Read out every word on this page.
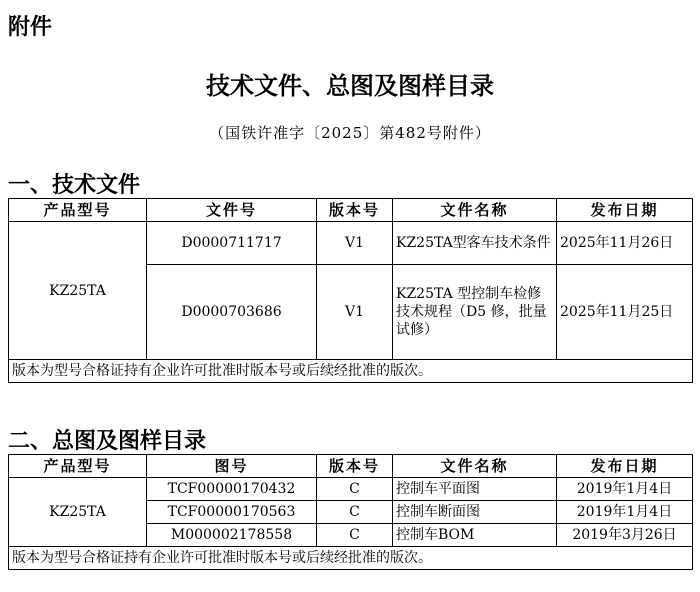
附件
技术文件、总图及图样目录
（国铁许准字〔2025〕第482号附件）
一、技术文件
产品型号	文件号	版本号	文件名称	发布日期
KZ25TA	D0000711717	V1	KZ25TA型客车技术条件	2025年11月26日
	D0000703686	V1	KZ25TA 型控制车检修技术规程（D5 修，批量试修）	2025年11月25日
版本为型号合格证持有企业许可批准时版本号或后续经批准的版次。				
二、总图及图样目录
产品型号	图号	版本号	文件名称	发布日期
KZ25TA	TCF00000170432	C	控制车平面图	2019年1月4日
	TCF00000170563	C	控制车断面图	2019年1月4日
	M000002178558	C	控制车BOM	2019年3月26日
版本为型号合格证持有企业许可批准时版本号或后续经批准的版次。				
